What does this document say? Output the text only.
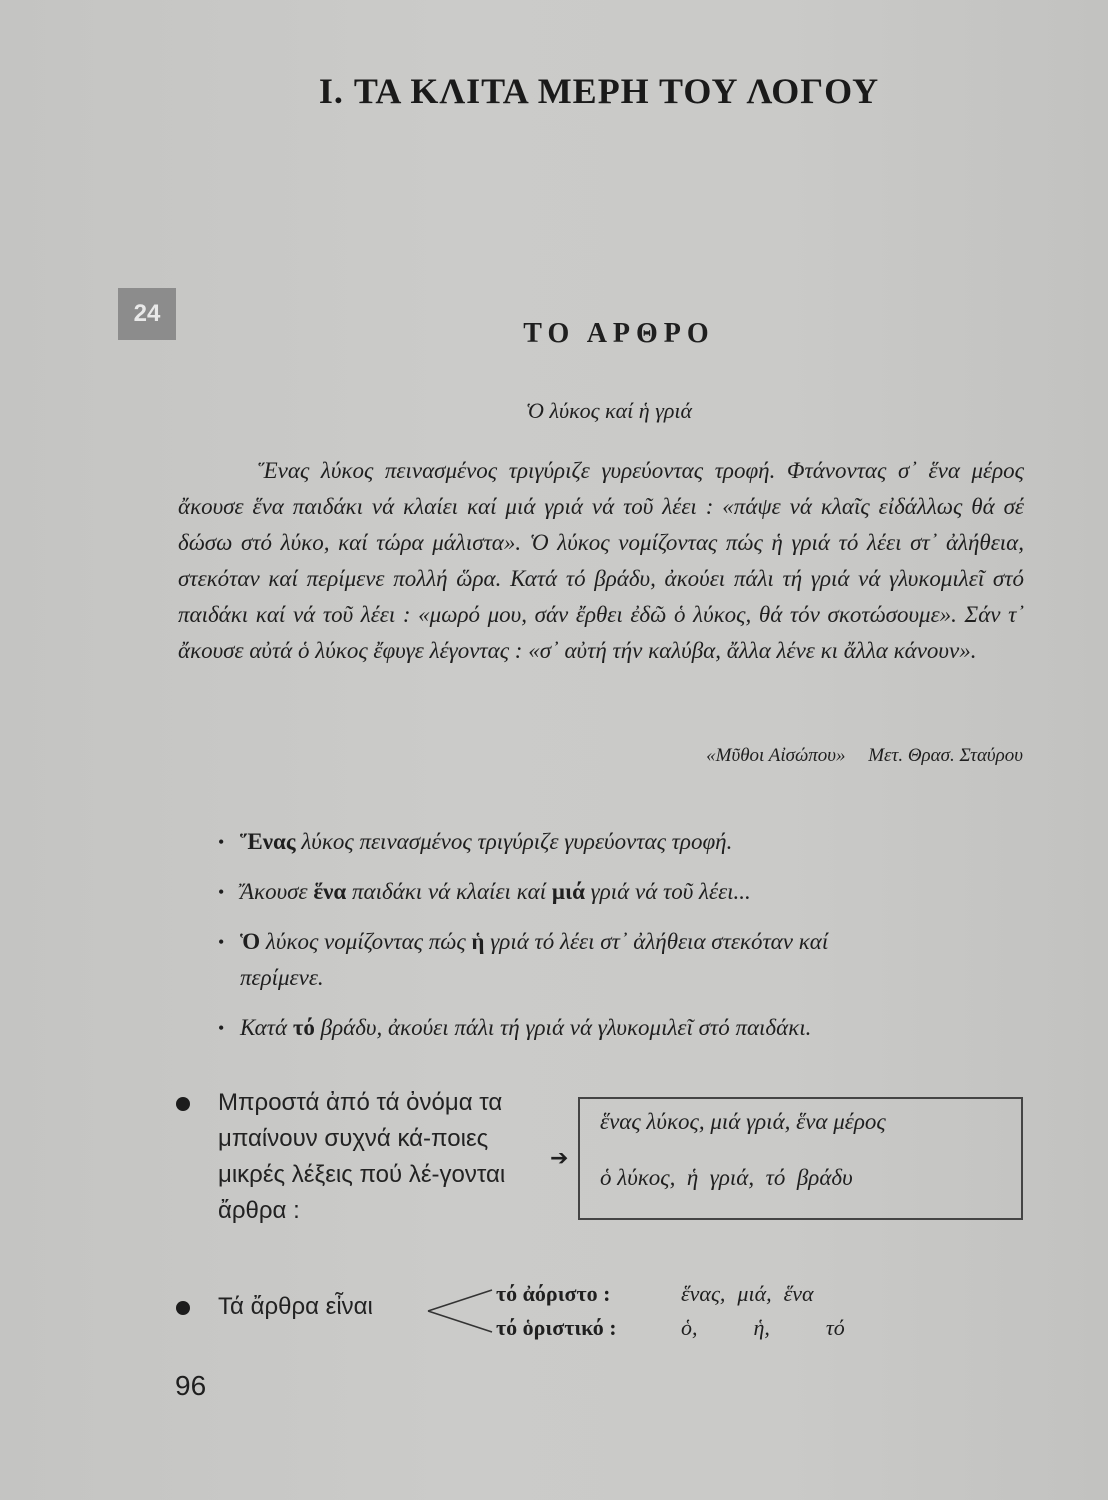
I. ΤΑ ΚΛΙΤΑ ΜΕΡΗ ΤΟΥ ΛΟΓΟΥ
24
ΤΟ ΑΡΘΡΟ
Ὁ λύκος καί ἡ γριά

Ἕνας λύκος πεινασμένος τριγύριζε γυρεύοντας τροφή. Φτάνοντας σ᾽ ἕνα μέρος ἄκουσε ἕνα παιδάκι νά κλαίει καί μιά γριά νά τοῦ λέει : «πάψε νά κλαῖς εἰδάλλως θά σέ δώσω στό λύκο, καί τώρα μάλιστα». Ὁ λύκος νομίζοντας πώς ἡ γριά τό λέει στ᾽ ἀλήθεια, στεκόταν καί περίμενε πολλή ὥρα. Κατά τό βράδυ, ἀκούει πάλι τή γριά νά γλυκομιλεῖ στό παιδάκι καί νά τοῦ λέει : «μωρό μου, σάν ἔρθει ἐδῶ ὁ λύκος, θά τόν σκοτώσουμε». Σάν τ᾽ ἄκουσε αὐτά ὁ λύκος ἔφυγε λέγοντας : «σ᾽ αὐτή τήν καλύβα, ἄλλα λένε κι ἄλλα κάνουν».

«Μῦθοι Αἰσώπου» Μετ. Θρασ. Σταύρου
• Ἕνας λύκος πεινασμένος τριγύριζε γυρεύοντας τροφή.
• Ἄκουσε ἕνα παιδάκι νά κλαίει καί μιά γριά νά τοῦ λέει...
• Ὁ λύκος νομίζοντας πώς ἡ γριά τό λέει στ᾽ ἀλήθεια στεκόταν καί
περίμενε.
• Κατά τό βράδυ, ἀκούει πάλι τή γριά νά γλυκομιλεῖ στό παιδάκι.
Μπροστά ἀπό τά ὀνόμα τα μπαίνουν συχνά κά-ποιες μικρές λέξεις πού λέ-γονται ἄρθρα :
➔
ἕνας λύκος, μιά γριά, ἕνα μέρος
ὁ λύκος,  ἡ  γριά,  τό  βράδυ
Τά ἄρθρα εἶναι	τό ἀόριστο :	ἕνας, μιά, ἕνα
τό ὁριστικό :	ὁ,	ἡ,	τό
96
